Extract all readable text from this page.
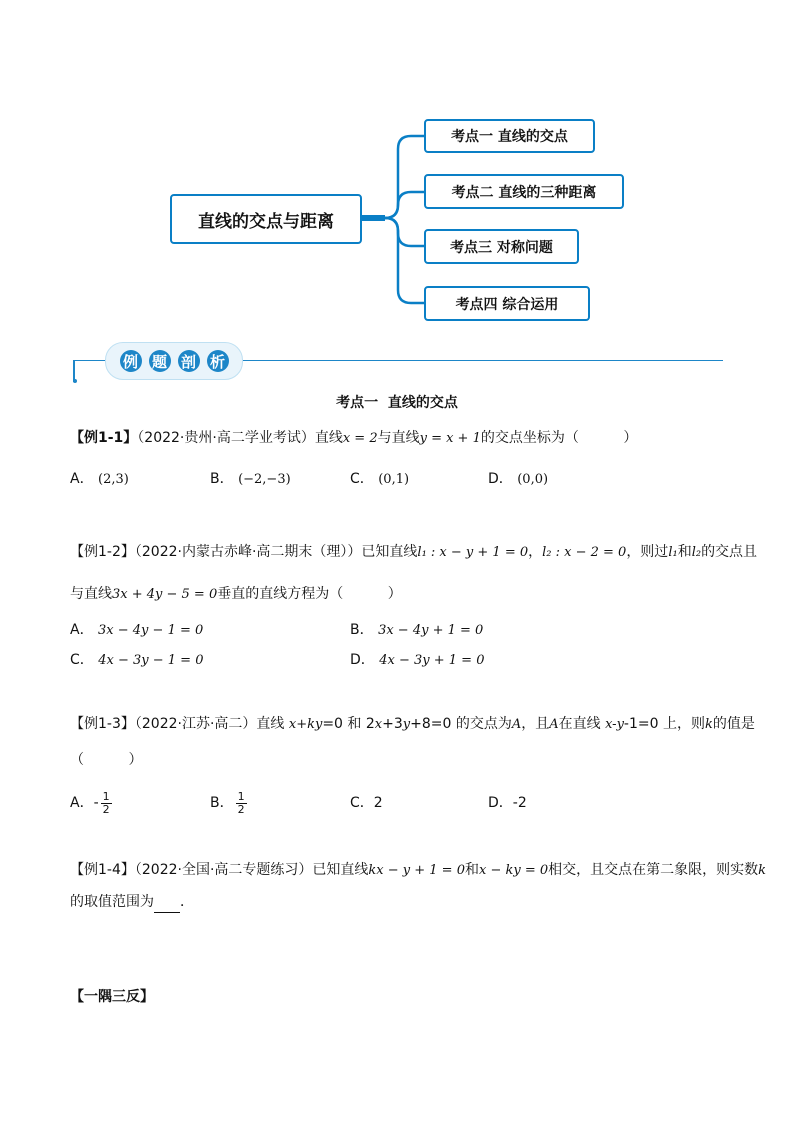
直线的交点与距离
考点一 直线的交点
考点二 直线的三种距离
考点三 对称问题
考点四 综合运用
例 题 剖 析
考点一  直线的交点
【例1-1】（2022·贵州·高二学业考试）直线x = 2与直线y = x + 1的交点坐标为（          ）
A． (2,3)	B． (−2,−3)	C． (0,1)	D． (0,0)
【例1-2】（2022·内蒙古赤峰·高二期末（理））已知直线l₁ : x − y + 1 = 0，l₂ : x − 2 = 0，则过l₁和l₂的交点且
与直线3x + 4y − 5 = 0垂直的直线方程为（          ）
A． 3x − 4y − 1 = 0	B． 3x − 4y + 1 = 0
C． 4x − 3y − 1 = 0	D． 4x − 3y + 1 = 0
【例1-3】（2022·江苏·高二）直线 x+ky=0 和 2x+3y+8=0 的交点为A，且A在直线 x-y-1=0 上，则k的值是
（          ）
A．- $\frac{1}{2}$	B． $\frac{1}{2}$	C．2	D．-2
【例1-4】（2022·全国·高二专题练习）已知直线kx − y + 1 = 0和x − ky = 0相交，且交点在第二象限，则实数k
的取值范围为 ．
【一隅三反】
